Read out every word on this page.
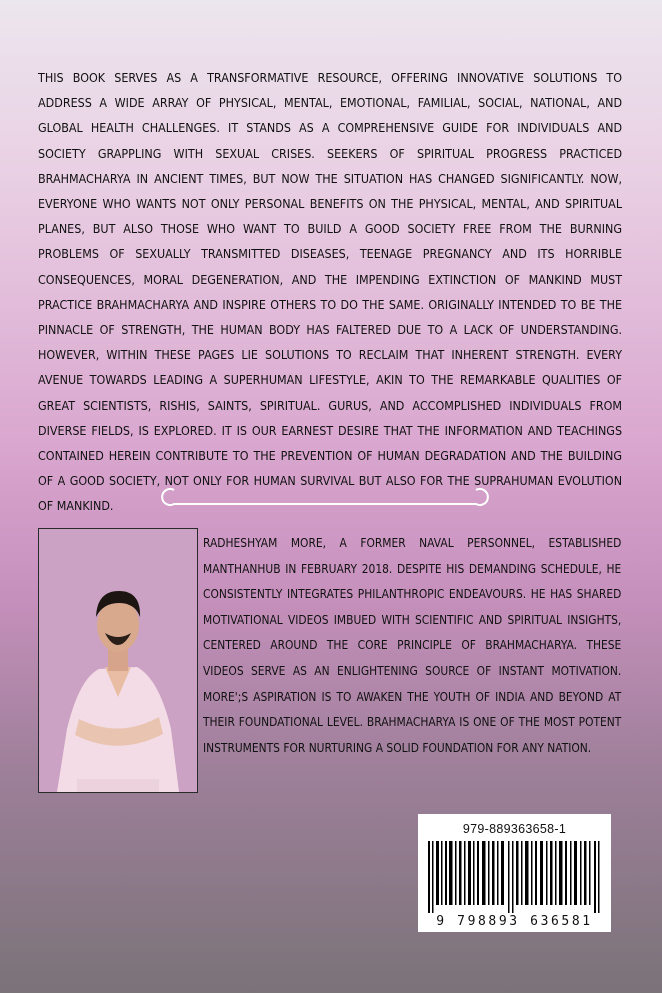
THIS BOOK SERVES AS A TRANSFORMATIVE RESOURCE, OFFERING INNOVATIVE SOLUTIONS TO ADDRESS A WIDE ARRAY OF PHYSICAL, MENTAL, EMOTIONAL, FAMILIAL, SOCIAL, NATIONAL, AND GLOBAL HEALTH CHALLENGES. IT STANDS AS A COMPREHENSIVE GUIDE FOR INDIVIDUALS AND SOCIETY GRAPPLING WITH SEXUAL CRISES. SEEKERS OF SPIRITUAL PROGRESS PRACTICED BRAHMACHARYA IN ANCIENT TIMES, BUT NOW THE SITUATION HAS CHANGED SIGNIFICANTLY. NOW, EVERYONE WHO WANTS NOT ONLY PERSONAL BENEFITS ON THE PHYSICAL, MENTAL, AND SPIRITUAL PLANES, BUT ALSO THOSE WHO WANT TO BUILD A GOOD SOCIETY FREE FROM THE BURNING PROBLEMS OF SEXUALLY TRANSMITTED DISEASES, TEENAGE PREGNANCY AND ITS HORRIBLE CONSEQUENCES, MORAL DEGENERATION, AND THE IMPENDING EXTINCTION OF MANKIND MUST PRACTICE BRAHMACHARYA AND INSPIRE OTHERS TO DO THE SAME. ORIGINALLY INTENDED TO BE THE PINNACLE OF STRENGTH, THE HUMAN BODY HAS FALTERED DUE TO A LACK OF UNDERSTANDING. HOWEVER, WITHIN THESE PAGES LIE SOLUTIONS TO RECLAIM THAT INHERENT STRENGTH. EVERY AVENUE TOWARDS LEADING A SUPERHUMAN LIFESTYLE, AKIN TO THE REMARKABLE QUALITIES OF GREAT SCIENTISTS, RISHIS, SAINTS, SPIRITUAL. GURUS, AND ACCOMPLISHED INDIVIDUALS FROM DIVERSE FIELDS, IS EXPLORED. IT IS OUR EARNEST DESIRE THAT THE INFORMATION AND TEACHINGS CONTAINED HEREIN CONTRIBUTE TO THE PREVENTION OF HUMAN DEGRADATION AND THE BUILDING OF A GOOD SOCIETY, NOT ONLY FOR HUMAN SURVIVAL BUT ALSO FOR THE SUPRAHUMAN EVOLUTION OF MANKIND.
RADHESHYAM MORE, A FORMER NAVAL PERSONNEL, ESTABLISHED MANTHANHUB IN FEBRUARY 2018. DESPITE HIS DEMANDING SCHEDULE, HE CONSISTENTLY INTEGRATES PHILANTHROPIC ENDEAVOURS. HE HAS SHARED MOTIVATIONAL VIDEOS IMBUED WITH SCIENTIFIC AND SPIRITUAL INSIGHTS, CENTERED AROUND THE CORE PRINCIPLE OF BRAHMACHARYA. THESE VIDEOS SERVE AS AN ENLIGHTENING SOURCE OF INSTANT MOTIVATION. MORE';S ASPIRATION IS TO AWAKEN THE YOUTH OF INDIA AND BEYOND AT THEIR FOUNDATIONAL LEVEL. BRAHMACHARYA IS ONE OF THE MOST POTENT INSTRUMENTS FOR NURTURING A SOLID FOUNDATION FOR ANY NATION.
979-889363658-1
9 798893 636581
